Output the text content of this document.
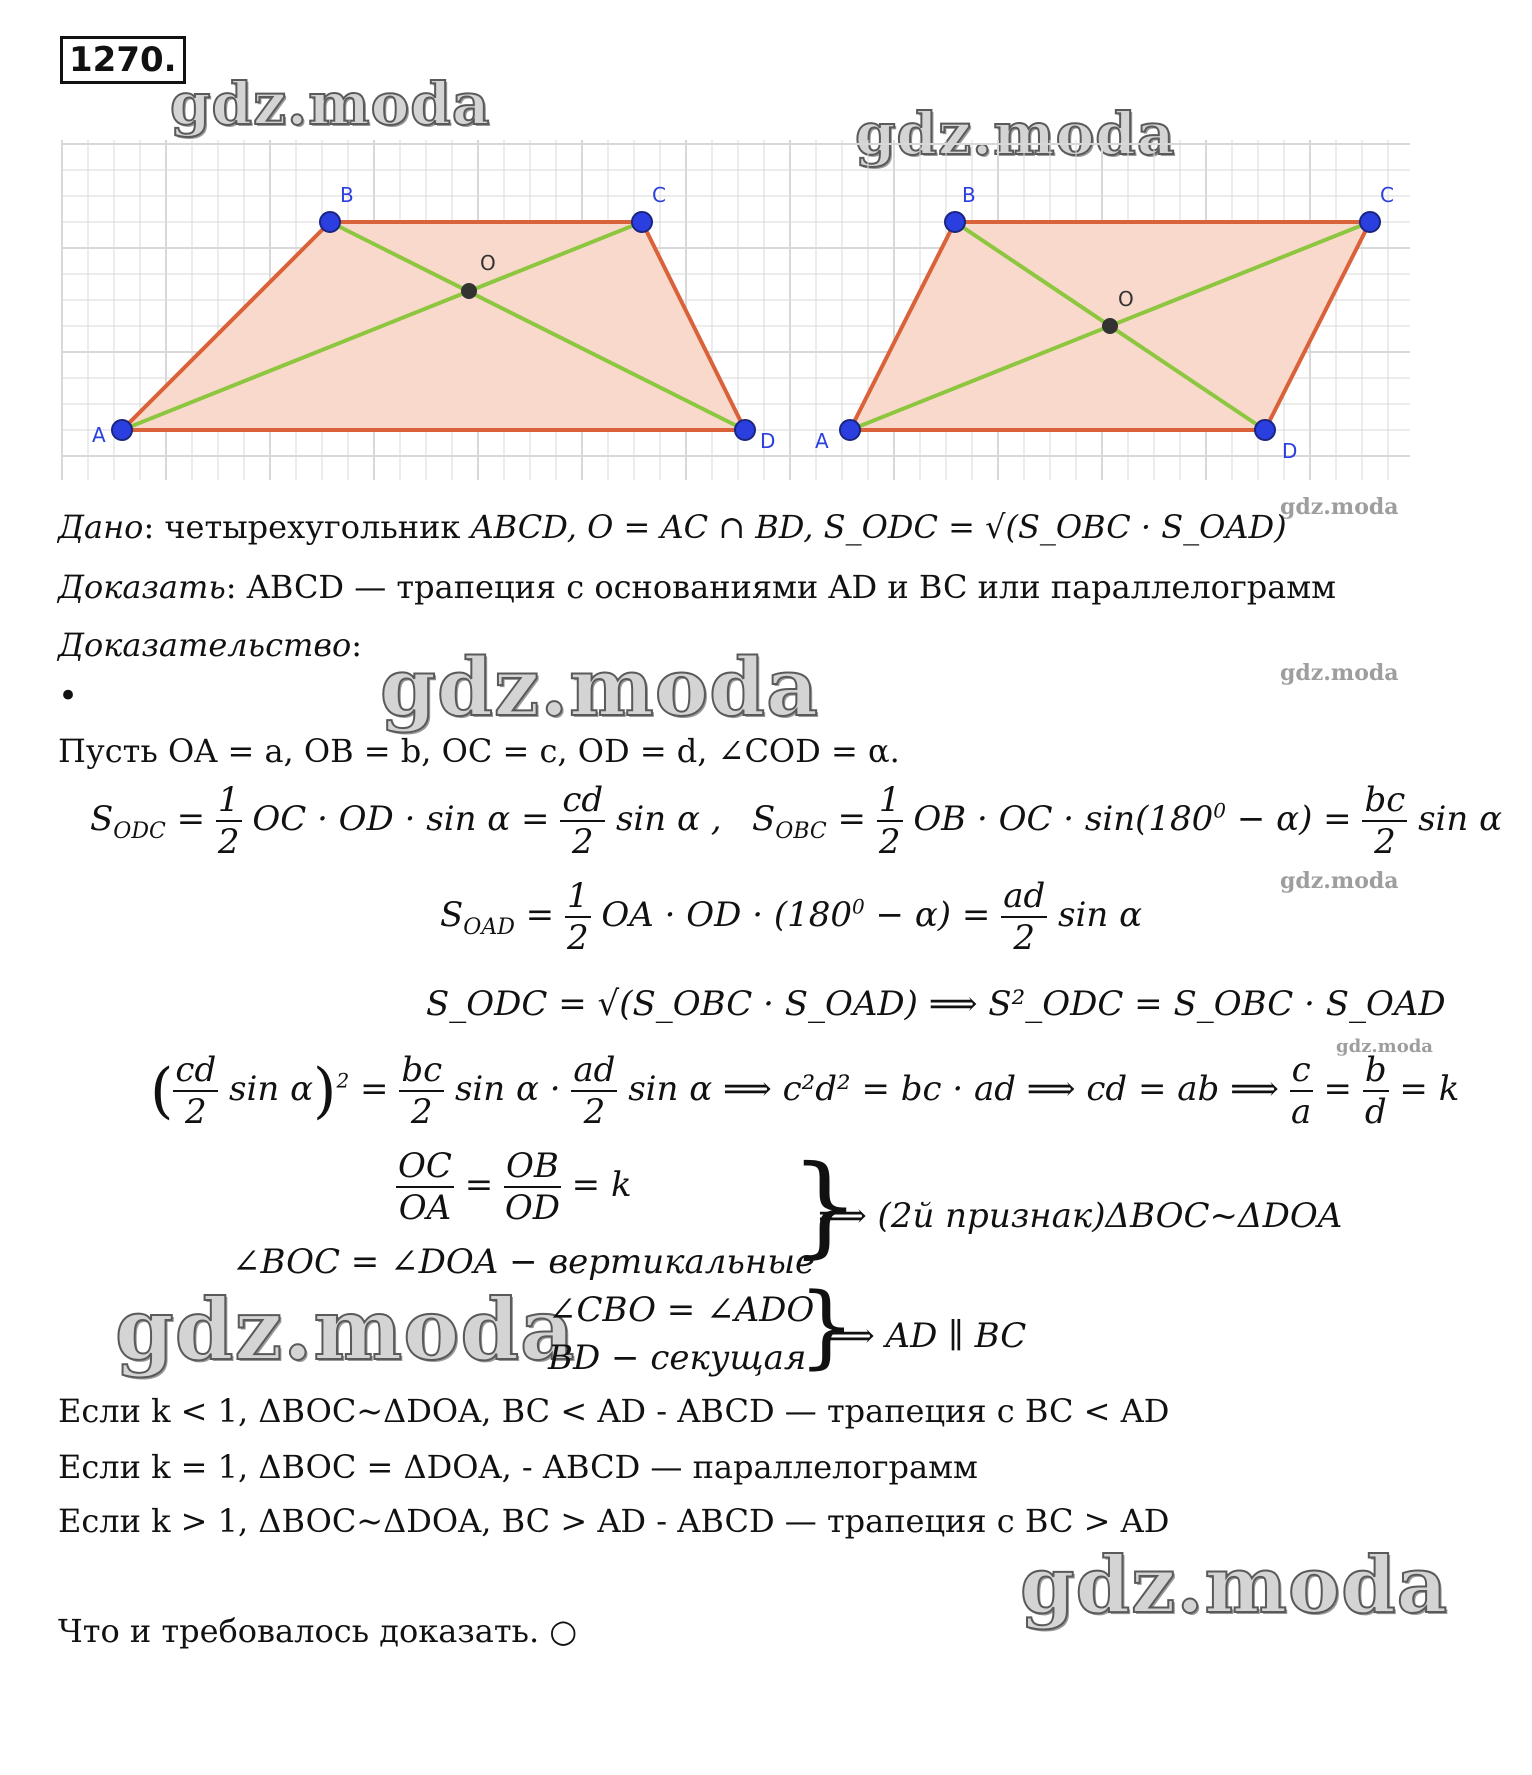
1270.
gdz.moda	gdz.moda
gdz.moda
gdz.moda	gdz.moda
gdz.moda
gdz.moda
gdz.moda
gdz.moda
B	C
O
A	D
B	C
O
A	D
Дано: четырехугольник ABCD, O = AC ∩ BD, S_ODC = √(S_OBC · S_OAD)
Доказать: ABCD — трапеция с основаниями AD и BC или параллелограмм
Доказательство:
•
Пусть OA = a, OB = b, OC = c, OD = d, ∠COD = α.
$S_{ODC} = \frac{1}{2}$ OC · OD · $\sin \alpha = \frac{cd}{2}$ sin α , $S_{OBC} = \frac{1}{2}$ OB · OC · $\sin(180^0 - \alpha) = \frac{bc}{2}$ sin α
$S_{OAD} = \frac{1}{2}$ OA · OD · $(180^0 - \alpha) = \frac{ad}{2}$ sin α
S_ODC = √(S_OBC · S_OAD) ⟹ S²_ODC = S_OBC · S_OAD
( $\frac{cd}{2}$ $\sin \alpha)^2 = \frac{bc}{2}$ $\sin \alpha \cdot \frac{ad}{2}$ sin α ⟹ c²d² = bc · ad ⟹ cd = ab ⟹ $\frac{c}{a} = \frac{b}{d} = k$
$\frac{OC}{OA} = \frac{OB}{OD} = k$
∠BOC = ∠DOA − вертикальные
}
⟹ (2й признак)ΔBOC~ΔDOA
∠CBO = ∠ADO
BD − секущая
}
⟹ AD ∥ BC
Если k < 1, ΔBOC~ΔDOA, BC < AD - ABCD — трапеция с BC < AD
Если k = 1, ΔBOC = ΔDOA, - ABCD — параллелограмм
Если k > 1, ΔBOC~ΔDOA, BC > AD - ABCD — трапеция с BC > AD
Что и требовалось доказать. ○
